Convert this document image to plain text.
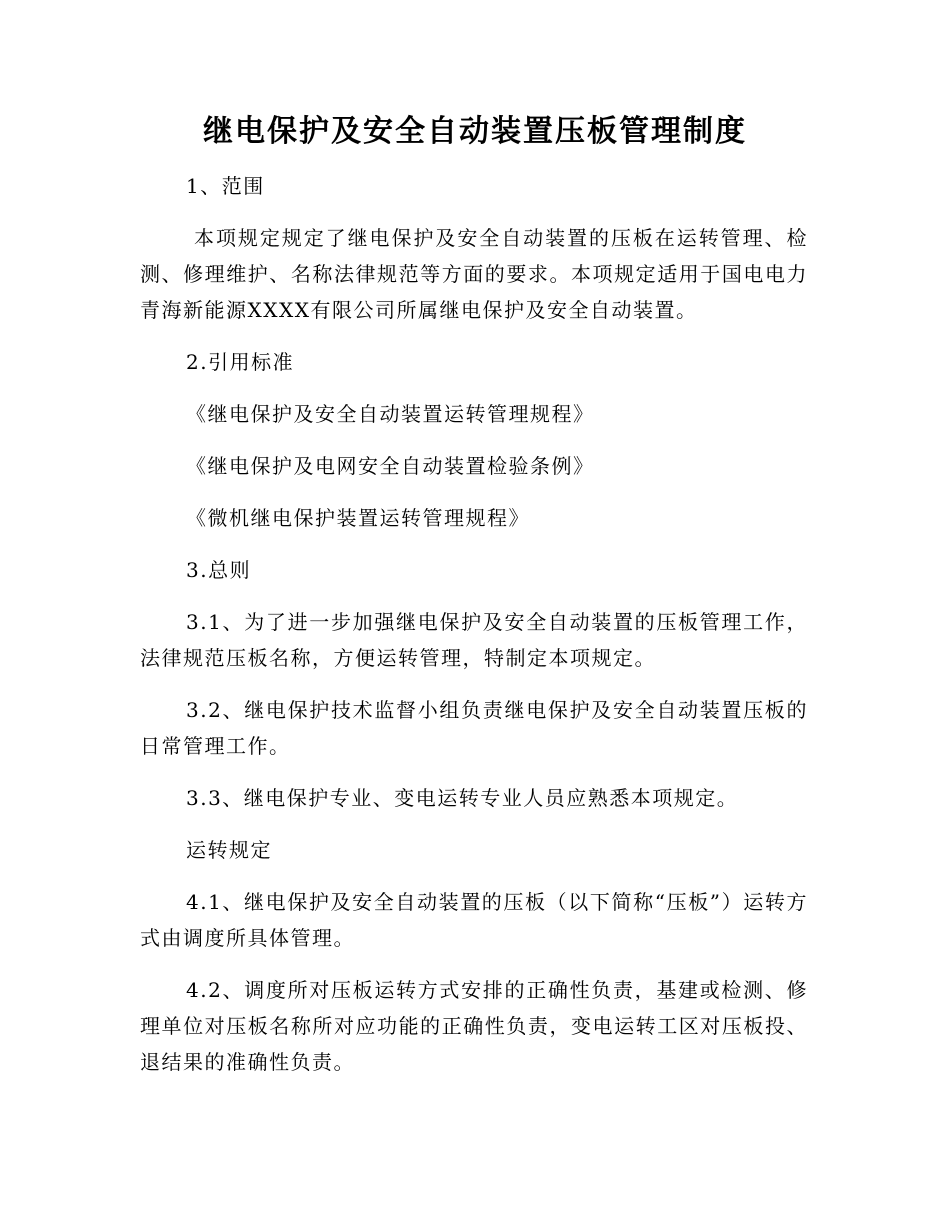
继电保护及安全自动装置压板管理制度

1、范围

本项规定规定了继电保护及安全自动装置的压板在运转管理、检测、修理维护、名称法律规范等方面的要求。本项规定适用于国电电力青海新能源XXXX有限公司所属继电保护及安全自动装置。

2.引用标准

《继电保护及安全自动装置运转管理规程》

《继电保护及电网安全自动装置检验条例》

《微机继电保护装置运转管理规程》

3.总则

3.1、为了进一步加强继电保护及安全自动装置的压板管理工作，法律规范压板名称，方便运转管理，特制定本项规定。

3.2、继电保护技术监督小组负责继电保护及安全自动装置压板的日常管理工作。

3.3、继电保护专业、变电运转专业人员应熟悉本项规定。

运转规定

4.1、继电保护及安全自动装置的压板（以下简称“压板”）运转方式由调度所具体管理。

4.2、调度所对压板运转方式安排的正确性负责，基建或检测、修理单位对压板名称所对应功能的正确性负责，变电运转工区对压板投、退结果的准确性负责。
